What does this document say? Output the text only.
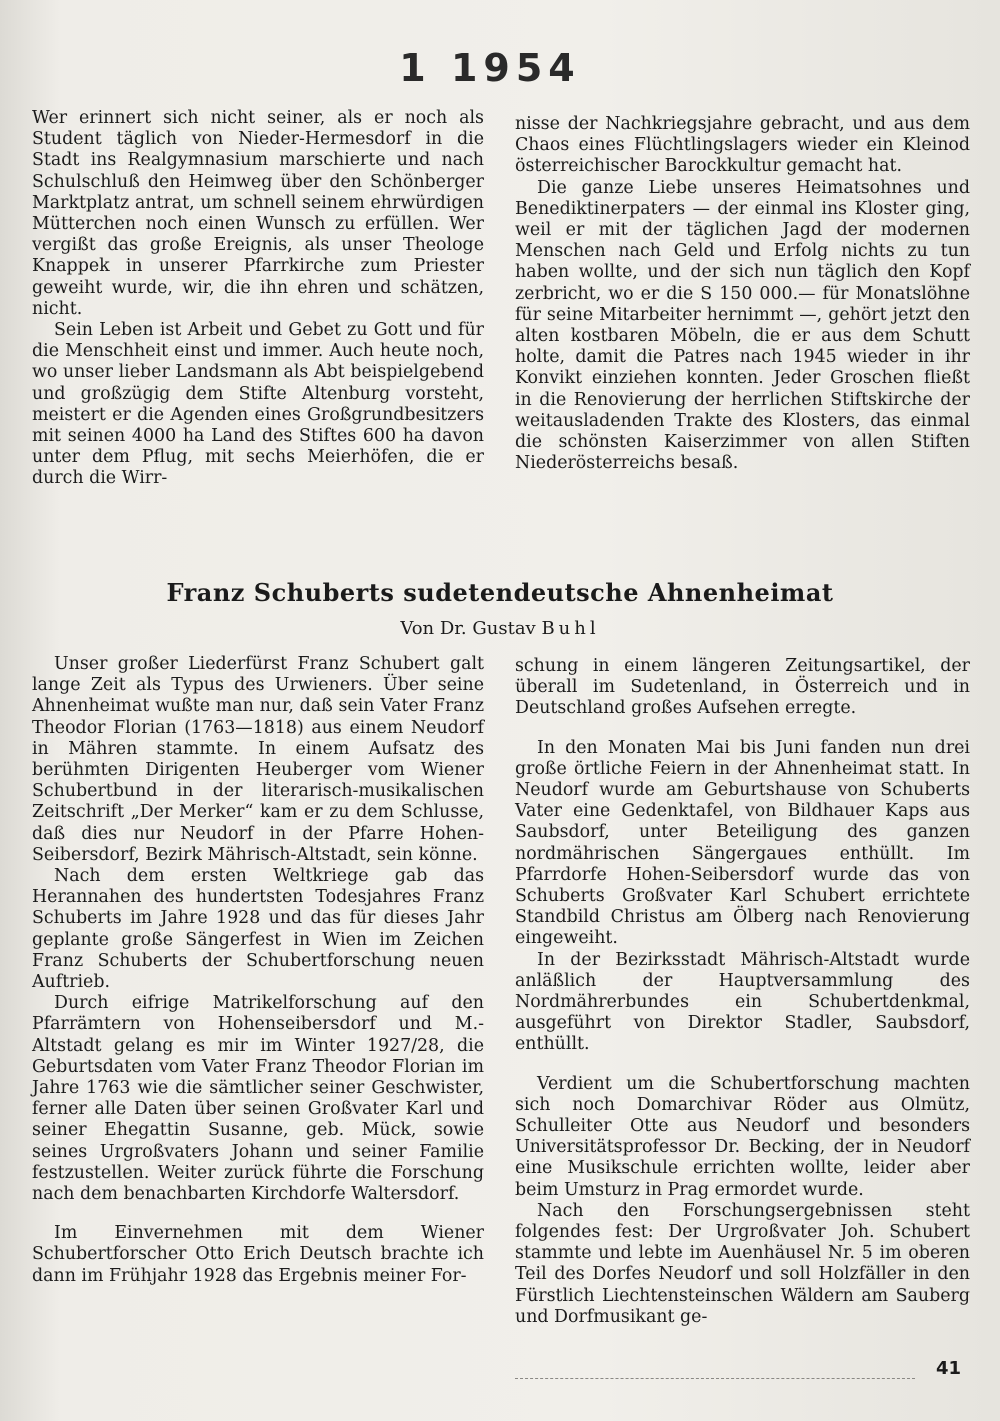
1 1954

Wer erinnert sich nicht seiner, als er noch als Student täglich von Nieder-Hermesdorf in die Stadt ins Realgymnasium marschierte und nach Schulschluß den Heimweg über den Schönberger Marktplatz antrat, um schnell seinem ehrwürdigen Mütterchen noch einen Wunsch zu erfüllen. Wer vergißt das große Ereignis, als unser Theologe Knappek in unserer Pfarrkirche zum Priester geweiht wurde, wir, die ihn ehren und schätzen, nicht.

Sein Leben ist Arbeit und Gebet zu Gott und für die Menschheit einst und immer. Auch heute noch, wo unser lieber Landsmann als Abt beispielgebend und großzügig dem Stifte Altenburg vorsteht, meistert er die Agenden eines Großgrundbesitzers mit seinen 4000 ha Land des Stiftes 600 ha davon unter dem Pflug, mit sechs Meierhöfen, die er durch die Wirr-

nisse der Nachkriegsjahre gebracht, und aus dem Chaos eines Flüchtlingslagers wieder ein Kleinod österreichischer Barockkultur gemacht hat.

Die ganze Liebe unseres Heimatsohnes und Benediktinerpaters — der einmal ins Kloster ging, weil er mit der täglichen Jagd der modernen Menschen nach Geld und Erfolg nichts zu tun haben wollte, und der sich nun täglich den Kopf zerbricht, wo er die S 150 000.— für Monatslöhne für seine Mitarbeiter hernimmt —, gehört jetzt den alten kostbaren Möbeln, die er aus dem Schutt holte, damit die Patres nach 1945 wieder in ihr Konvikt einziehen konnten. Jeder Groschen fließt in die Renovierung der herrlichen Stiftskirche der weitausladenden Trakte des Klosters, das einmal die schönsten Kaiserzimmer von allen Stiften Niederösterreichs besaß.

Franz Schuberts sudetendeutsche Ahnenheimat
Von Dr. Gustav Buhl

Unser großer Liederfürst Franz Schubert galt lange Zeit als Typus des Urwieners. Über seine Ahnenheimat wußte man nur, daß sein Vater Franz Theodor Florian (1763—1818) aus einem Neudorf in Mähren stammte. In einem Aufsatz des berühmten Dirigenten Heuberger vom Wiener Schubertbund in der literarisch-musikalischen Zeitschrift „Der Merker“ kam er zu dem Schlusse, daß dies nur Neudorf in der Pfarre Hohen-Seibersdorf, Bezirk Mährisch-Altstadt, sein könne.

Nach dem ersten Weltkriege gab das Herannahen des hundertsten Todesjahres Franz Schuberts im Jahre 1928 und das für dieses Jahr geplante große Sängerfest in Wien im Zeichen Franz Schuberts der Schubertforschung neuen Auftrieb.

Durch eifrige Matrikelforschung auf den Pfarrämtern von Hohenseibersdorf und M.-Altstadt gelang es mir im Winter 1927/28, die Geburtsdaten vom Vater Franz Theodor Florian im Jahre 1763 wie die sämtlicher seiner Geschwister, ferner alle Daten über seinen Großvater Karl und seiner Ehegattin Susanne, geb. Mück, sowie seines Urgroßvaters Johann und seiner Familie festzustellen. Weiter zurück führte die Forschung nach dem benachbarten Kirchdorfe Waltersdorf.

Im Einvernehmen mit dem Wiener Schubertforscher Otto Erich Deutsch brachte ich dann im Frühjahr 1928 das Ergebnis meiner For-

schung in einem längeren Zeitungsartikel, der überall im Sudetenland, in Österreich und in Deutschland großes Aufsehen erregte.

In den Monaten Mai bis Juni fanden nun drei große örtliche Feiern in der Ahnenheimat statt. In Neudorf wurde am Geburtshause von Schuberts Vater eine Gedenktafel, von Bildhauer Kaps aus Saubsdorf, unter Beteiligung des ganzen nordmährischen Sängergaues enthüllt. Im Pfarrdorfe Hohen-Seibersdorf wurde das von Schuberts Großvater Karl Schubert errichtete Standbild Christus am Ölberg nach Renovierung eingeweiht.

In der Bezirksstadt Mährisch-Altstadt wurde anläßlich der Hauptversammlung des Nordmährerbundes ein Schubertdenkmal, ausgeführt von Direktor Stadler, Saubsdorf, enthüllt.

Verdient um die Schubertforschung machten sich noch Domarchivar Röder aus Olmütz, Schulleiter Otte aus Neudorf und besonders Universitätsprofessor Dr. Becking, der in Neudorf eine Musikschule errichten wollte, leider aber beim Umsturz in Prag ermordet wurde.

Nach den Forschungsergebnissen steht folgendes fest: Der Urgroßvater Joh. Schubert stammte und lebte im Auenhäusel Nr. 5 im oberen Teil des Dorfes Neudorf und soll Holzfäller in den Fürstlich Liechtensteinschen Wäldern am Sauberg und Dorfmusikant ge-

41
